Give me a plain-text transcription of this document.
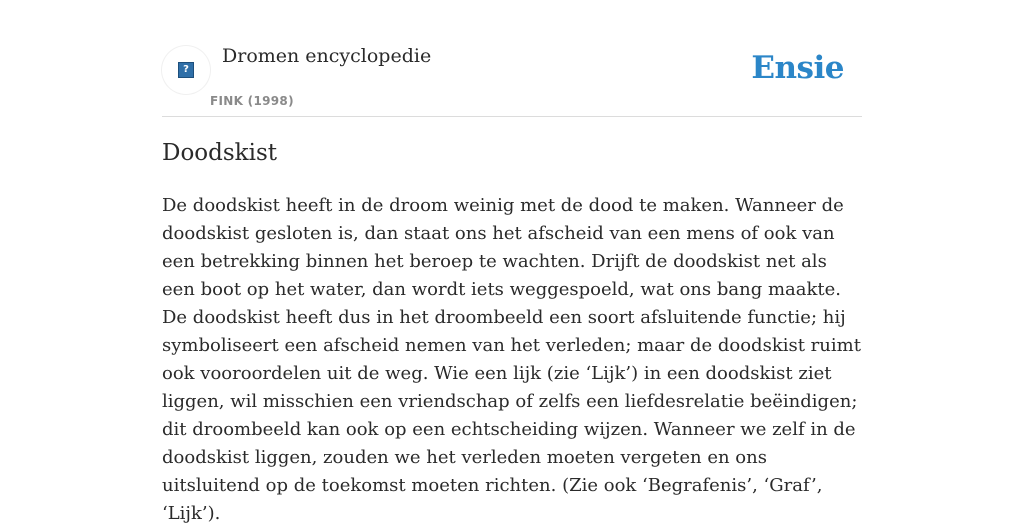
?
Dromen encyclopedie
FINK (1998)
Ensie
Doodskist

De doodskist heeft in de droom weinig met de dood te maken. Wanneer de doodskist gesloten is, dan staat ons het afscheid van een mens of ook van een betrekking binnen het beroep te wachten. Drijft de doodskist net als een boot op het water, dan wordt iets weggespoeld, wat ons bang maakte. De doodskist heeft dus in het droombeeld een soort afsluitende functie; hij symboliseert een afscheid nemen van het verleden; maar de doodskist ruimt ook vooroordelen uit de weg. Wie een lijk (zie ‘Lijk’) in een doodskist ziet liggen, wil misschien een vriendschap of zelfs een liefdesrelatie beëindigen; dit droombeeld kan ook op een echtscheiding wijzen. Wanneer we zelf in de doodskist liggen, zouden we het verleden moeten vergeten en ons uitsluitend op de toekomst moeten richten. (Zie ook ‘Begrafenis’, ‘Graf’, ‘Lijk’).
